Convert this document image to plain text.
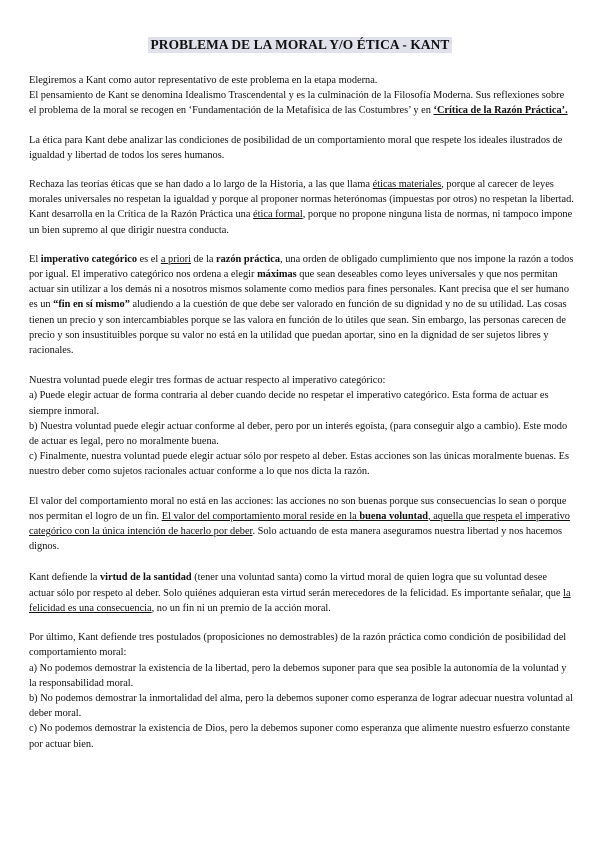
PROBLEMA DE LA MORAL Y/O ÉTICA - KANT

Elegiremos a Kant como autor representativo de este problema en la etapa moderna.
El pensamiento de Kant se denomina Idealismo Trascendental y es la culminación de la Filosofía Moderna. Sus reflexiones sobre el problema de la moral se recogen en ‘Fundamentación de la Metafísica de las Costumbres’ y en ‘Crítica de la Razón Práctica’.

La ética para Kant debe analizar las condiciones de posibilidad de un comportamiento moral que respete los ideales ilustrados de igualdad y libertad de todos los seres humanos.

Rechaza las teorías éticas que se han dado a lo largo de la Historia, a las que llama éticas materiales, porque al carecer de leyes morales universales no respetan la igualdad y porque al proponer normas heterónomas (impuestas por otros) no respetan la libertad. Kant desarrolla en la Crítica de la Razón Práctica una ética formal, porque no propone ninguna lista de normas, ni tampoco impone un bien supremo al que dirigir nuestra conducta.

El imperativo categórico es el a priori de la razón práctica, una orden de obligado cumplimiento que nos impone la razón a todos por igual. El imperativo categórico nos ordena a elegir máximas que sean deseables como leyes universales y que nos permitan actuar sin utilizar a los demás ni a nosotros mismos solamente como medios para fines personales. Kant precisa que el ser humano es un “fin en sí mismo” aludiendo a la cuestión de que debe ser valorado en función de su dignidad y no de su utilidad. Las cosas tienen un precio y son intercambiables porque se las valora en función de lo útiles que sean. Sin embargo, las personas carecen de precio y son insustituibles porque su valor no está en la utilidad que puedan aportar, sino en la dignidad de ser sujetos libres y racionales.

Nuestra voluntad puede elegir tres formas de actuar respecto al imperativo categórico:
a) Puede elegir actuar de forma contraria al deber cuando decide no respetar el imperativo categórico. Esta forma de actuar es siempre inmoral.
b) Nuestra voluntad puede elegir actuar conforme al deber, pero por un interés egoísta, (para conseguir algo a cambio). Este modo de actuar es legal, pero no moralmente buena.
c) Finalmente, nuestra voluntad puede elegir actuar sólo por respeto al deber. Estas acciones son las únicas moralmente buenas. Es nuestro deber como sujetos racionales actuar conforme a lo que nos dicta la razón.

El valor del comportamiento moral no está en las acciones: las acciones no son buenas porque sus consecuencias lo sean o porque nos permitan el logro de un fin. El valor del comportamiento moral reside en la buena voluntad, aquella que respeta el imperativo categórico con la única intención de hacerlo por deber. Solo actuando de esta manera aseguramos nuestra libertad y nos hacemos dignos.

Kant defiende la virtud de la santidad (tener una voluntad santa) como la virtud moral de quien logra que su voluntad desee actuar sólo por respeto al deber. Solo quiénes adquieran esta virtud serán merecedores de la felicidad. Es importante señalar, que la felicidad es una consecuencia, no un fin ni un premio de la acción moral.

Por último, Kant defiende tres postulados (proposiciones no demostrables) de la razón práctica como condición de posibilidad del comportamiento moral:
a) No podemos demostrar la existencia de la libertad, pero la debemos suponer para que sea posible la autonomía de la voluntad y la responsabilidad moral.
b) No podemos demostrar la inmortalidad del alma, pero la debemos suponer como esperanza de lograr adecuar nuestra voluntad al deber moral.
c) No podemos demostrar la existencia de Dios, pero la debemos suponer como esperanza que alimente nuestro esfuerzo constante por actuar bien.
